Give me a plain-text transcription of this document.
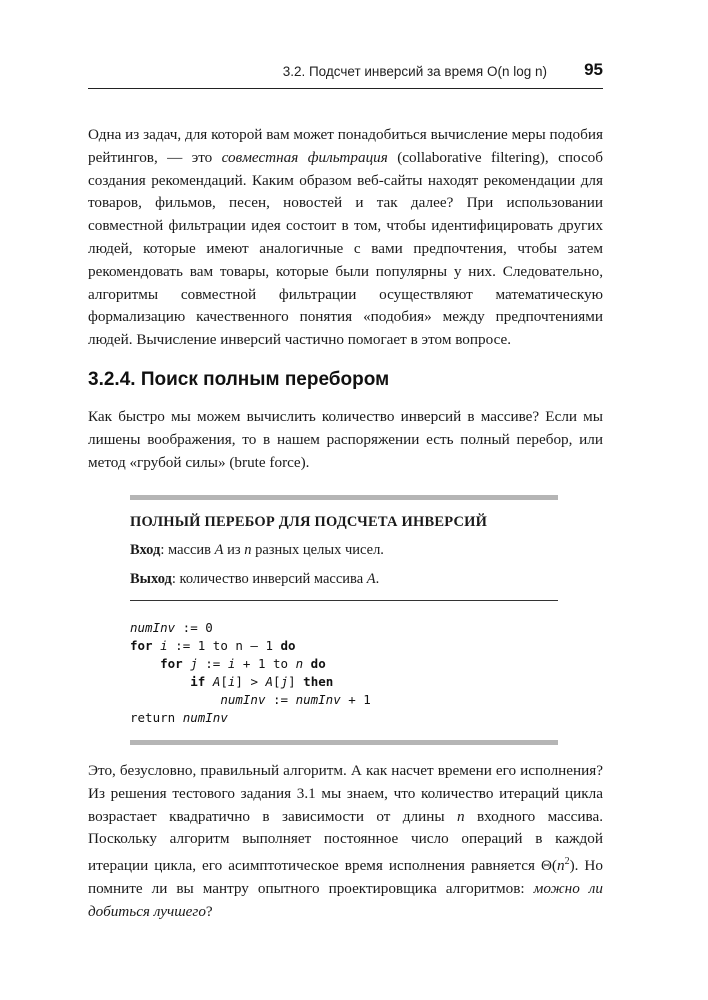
3.2. Подсчет инверсий за время O(n log n) 95

Одна из задач, для которой вам может понадобиться вычисление меры подобия рейтингов, — это совместная фильтрация (collaborative filtering), способ создания рекомендаций. Каким образом веб-сайты находят рекомендации для товаров, фильмов, песен, новостей и так далее? При использовании совместной фильтрации идея состоит в том, чтобы идентифицировать других людей, которые имеют аналогичные с вами предпочтения, чтобы затем рекомендовать вам товары, которые были популярны у них. Следовательно, алгоритмы совместной фильтрации осуществляют математическую формализацию качественного понятия «подобия» между предпочтениями людей. Вычисление инверсий частично помогает в этом вопросе.

3.2.4. Поиск полным перебором

Как быстро мы можем вычислить количество инверсий в массиве? Если мы лишены воображения, то в нашем распоряжении есть полный перебор, или метод «грубой силы» (brute force).

ПОЛНЫЙ ПЕРЕБОР ДЛЯ ПОДСЧЕТА ИНВЕРСИЙ
Вход: массив A из n разных целых чисел.
Выход: количество инверсий массива A.
numInv := 0
for i := 1 to n – 1 do
for j := i + 1 to n do
if A[i] > A[j] then
numInv := numInv + 1
return numInv

Это, безусловно, правильный алгоритм. А как насчет времени его исполнения? Из решения тестового задания 3.1 мы знаем, что количество итераций цикла возрастает квадратично в зависимости от длины n входного массива. Поскольку алгоритм выполняет постоянное число операций в каждой итерации цикла, его асимптотическое время исполнения равняется $\Theta(n^2)$. Но помните ли вы мантру опытного проектировщика алгоритмов: можно ли добиться лучшего?
